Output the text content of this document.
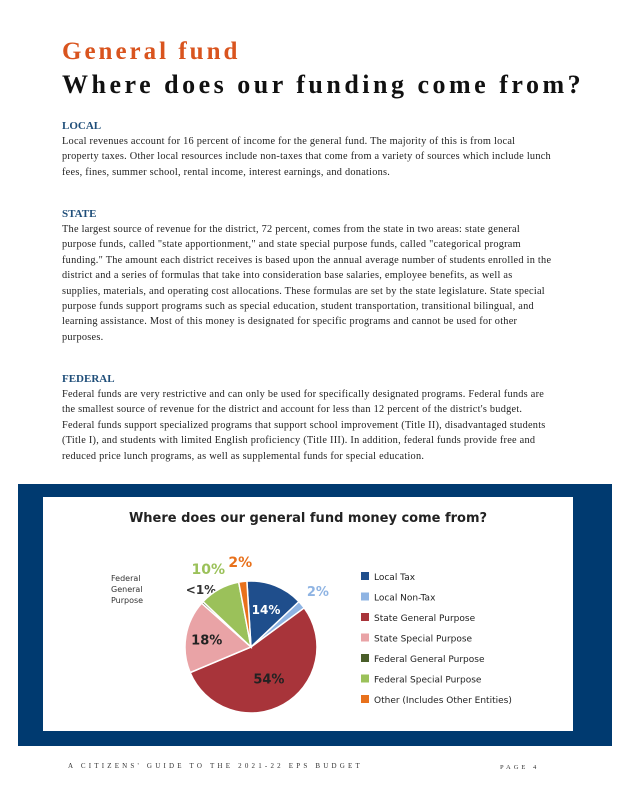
General fund
Where does our funding come from?
LOCAL

Local revenues account for 16 percent of income for the general fund. The majority of this is from local property taxes. Other local resources include non-taxes that come from a variety of sources which include lunch fees, fines, summer school, rental income, interest earnings, and donations.

STATE

The largest source of revenue for the district, 72 percent, comes from the state in two areas: state general purpose funds, called "state apportionment," and state special purpose funds, called "categorical program funding." The amount each district receives is based upon the annual average number of students enrolled in the district and a series of formulas that take into consideration base salaries, employee benefits, as well as supplies, materials, and operating cost allocations. These formulas are set by the state legislature. State special purpose funds support programs such as special education, student transportation, transitional bilingual, and learning assistance. Most of this money is designated for specific programs and cannot be used for other purposes.

FEDERAL

Federal funds are very restrictive and can only be used for specifically designated programs. Federal funds are the smallest source of revenue for the district and account for less than 12 percent of the district's budget. Federal funds support specialized programs that support school improvement (Title II), disadvantaged students (Title I), and students with limited English proficiency (Title III). In addition, federal funds provide free and reduced price lunch programs, as well as supplemental funds for special education.

Where does our general fund money come from?
14%
2%
54%
18%
<1%
10% 2%
Federal General Purpose
Local Tax
Local Non-Tax
State General Purpose
State Special Purpose
Federal General Purpose
Federal Special Purpose
Other (Includes Other Entities)
A CITIZENS' GUIDE TO THE 2021-22 EPS BUDGET	PAGE 4
